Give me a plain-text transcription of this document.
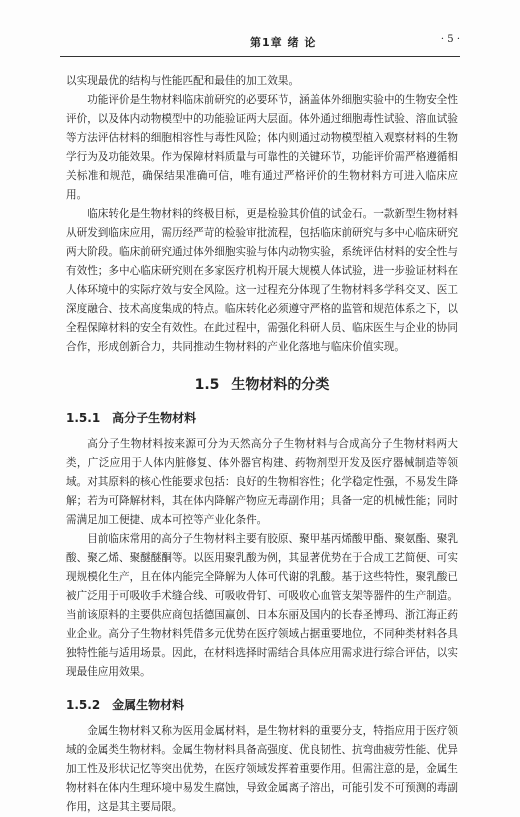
第1章 绪 论	· 5 ·

以实现最优的结构与性能匹配和最佳的加工效果。

功能评价是生物材料临床前研究的必要环节，涵盖体外细胞实验中的生物安全性评价，以及体内动物模型中的功能验证两大层面。体外通过细胞毒性试验、溶血试验等方法评估材料的细胞相容性与毒性风险；体内则通过动物模型植入观察材料的生物学行为及功能效果。作为保障材料质量与可靠性的关键环节，功能评价需严格遵循相关标准和规范，确保结果准确可信，唯有通过严格评价的生物材料方可进入临床应用。

临床转化是生物材料的终极目标，更是检验其价值的试金石。一款新型生物材料从研发到临床应用，需历经严苛的检验审批流程，包括临床前研究与多中心临床研究两大阶段。临床前研究通过体外细胞实验与体内动物实验，系统评估材料的安全性与有效性；多中心临床研究则在多家医疗机构开展大规模人体试验，进一步验证材料在人体环境中的实际疗效与安全风险。这一过程充分体现了生物材料多学科交叉、医工深度融合、技术高度集成的特点。临床转化必须遵守严格的监管和规范体系之下，以全程保障材料的安全有效性。在此过程中，需强化科研人员、临床医生与企业的协同合作，形成创新合力，共同推动生物材料的产业化落地与临床价值实现。

1.5 生物材料的分类
1.5.1 高分子生物材料

高分子生物材料按来源可分为天然高分子生物材料与合成高分子生物材料两大类，广泛应用于人体内脏修复、体外器官构建、药物剂型开发及医疗器械制造等领域。对其原料的核心性能要求包括：良好的生物相容性；化学稳定性强，不易发生降解；若为可降解材料，其在体内降解产物应无毒副作用；具备一定的机械性能；同时需满足加工便捷、成本可控等产业化条件。

目前临床常用的高分子生物材料主要有胶原、聚甲基丙烯酸甲酯、聚氨酯、聚乳酸、聚乙烯、聚醚醚酮等。以医用聚乳酸为例，其显著优势在于合成工艺简便、可实现规模化生产，且在体内能完全降解为人体可代谢的乳酸。基于这些特性，聚乳酸已被广泛用于可吸收手术缝合线、可吸收骨钉、可吸收心血管支架等器件的生产制造。当前该原料的主要供应商包括德国赢创、日本东丽及国内的长春圣博玛、浙江海正药业企业。高分子生物材料凭借多元优势在医疗领域占据重要地位，不同种类材料各具独特性能与适用场景。因此，在材料选择时需结合具体应用需求进行综合评估，以实现最佳应用效果。

1.5.2 金属生物材料

金属生物材料又称为医用金属材料，是生物材料的重要分支，特指应用于医疗领域的金属类生物材料。金属生物材料具备高强度、优良韧性、抗弯曲疲劳性能、优异加工性及形状记忆等突出优势，在医疗领域发挥着重要作用。但需注意的是，金属生物材料在体内生理环境中易发生腐蚀，导致金属离子溶出，可能引发不可预测的毒副作用，这是其主要局限。
